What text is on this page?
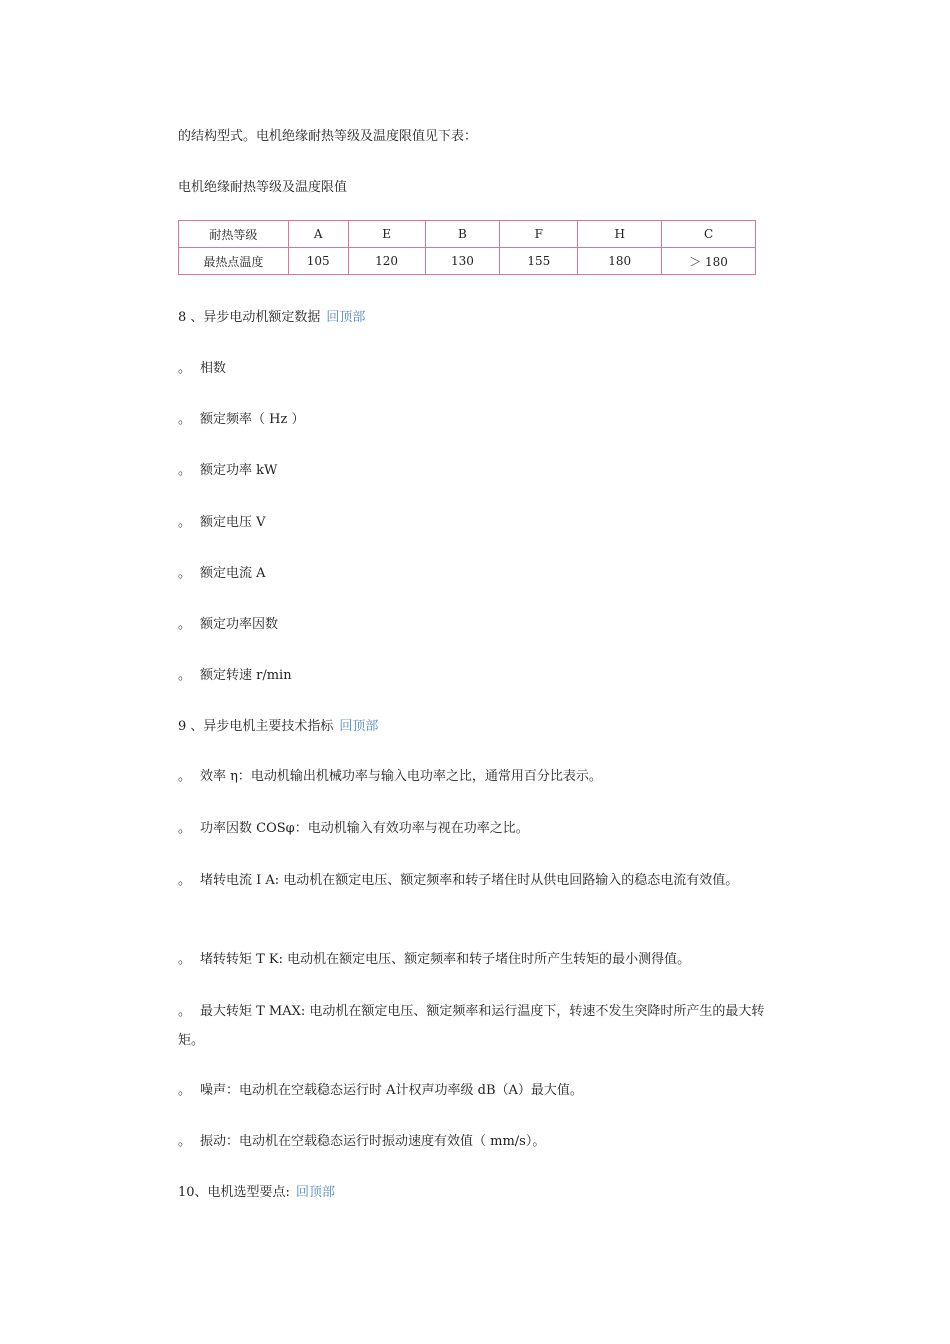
的结构型式。电机绝缘耐热等级及温度限值见下表：
电机绝缘耐热等级及温度限值
耐热等级	A	E	B	F	H	C
最热点温度	105	120	130	155	180	＞ 180
8 、异步电动机额定数据 回顶部
。 相数
。 额定频率（ Hz ）
。 额定功率 kW
。 额定电压 V
。 额定电流 A
。 额定功率因数
。 额定转速 r/min
9 、异步电机主要技术指标 回顶部
。 效率 η：电动机输出机械功率与输入电功率之比，通常用百分比表示。
。 功率因数 COSφ：电动机输入有效功率与视在功率之比。
。 堵转电流 I A: 电动机在额定电压、额定频率和转子堵住时从供电回路输入的稳态电流有效值。
。 堵转转矩 T K: 电动机在额定电压、额定频率和转子堵住时所产生转矩的最小测得值。
。 最大转矩 T MAX: 电动机在额定电压、额定频率和运行温度下，转速不发生突降时所产生的最大转矩。
。 噪声：电动机在空载稳态运行时 A计权声功率级 dB（A）最大值。
。 振动：电动机在空载稳态运行时振动速度有效值（ mm/s）。
10、电机选型要点: 回顶部
